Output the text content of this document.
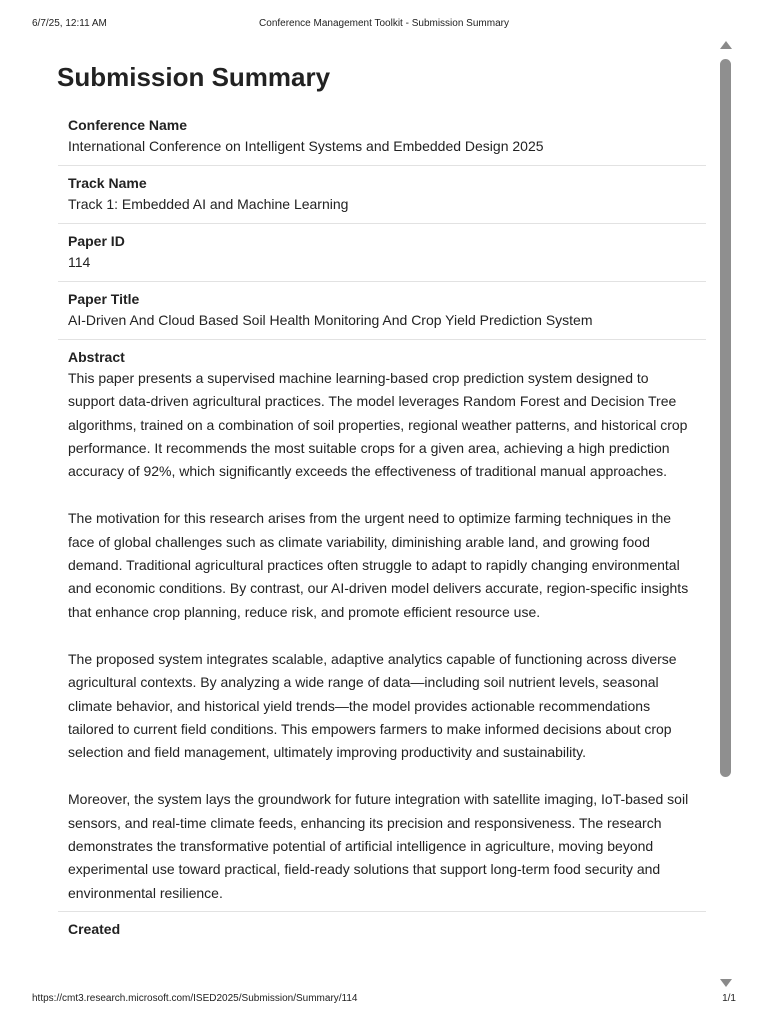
6/7/25, 12:11 AM	Conference Management Toolkit - Submission Summary
Submission Summary
Conference Name
International Conference on Intelligent Systems and Embedded Design 2025
Track Name
Track 1: Embedded AI and Machine Learning
Paper ID
114
Paper Title
AI-Driven And Cloud Based Soil Health Monitoring And Crop Yield Prediction System
Abstract

This paper presents a supervised machine learning-based crop prediction system designed to support data-driven agricultural practices. The model leverages Random Forest and Decision Tree algorithms, trained on a combination of soil properties, regional weather patterns, and historical crop performance. It recommends the most suitable crops for a given area, achieving a high prediction accuracy of 92%, which significantly exceeds the effectiveness of traditional manual approaches.

The motivation for this research arises from the urgent need to optimize farming techniques in the face of global challenges such as climate variability, diminishing arable land, and growing food demand. Traditional agricultural practices often struggle to adapt to rapidly changing environmental and economic conditions. By contrast, our AI-driven model delivers accurate, region-specific insights that enhance crop planning, reduce risk, and promote efficient resource use.

The proposed system integrates scalable, adaptive analytics capable of functioning across diverse agricultural contexts. By analyzing a wide range of data—including soil nutrient levels, seasonal climate behavior, and historical yield trends—the model provides actionable recommendations tailored to current field conditions. This empowers farmers to make informed decisions about crop selection and field management, ultimately improving productivity and sustainability.

Moreover, the system lays the groundwork for future integration with satellite imaging, IoT-based soil sensors, and real-time climate feeds, enhancing its precision and responsiveness. The research demonstrates the transformative potential of artificial intelligence in agriculture, moving beyond experimental use toward practical, field-ready solutions that support long-term food security and environmental resilience.

Created
https://cmt3.research.microsoft.com/ISED2025/Submission/Summary/114	1/1
